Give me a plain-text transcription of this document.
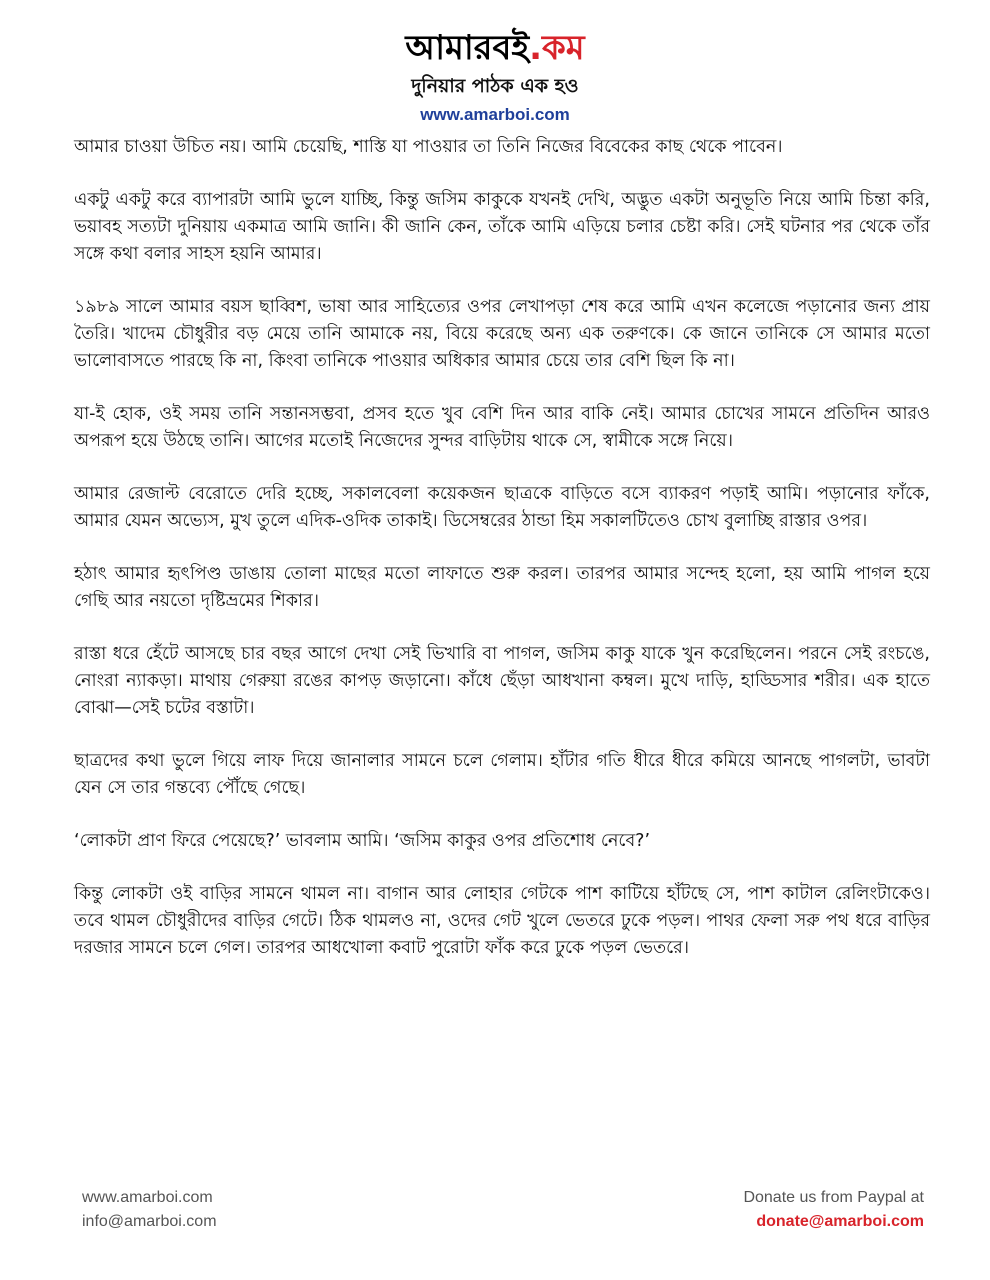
আমারবই.কম
দুনিয়ার পাঠক এক হও
www.amarboi.com

আমার চাওয়া উচিত নয়। আমি চেয়েছি, শাস্তি যা পাওয়ার তা তিনি নিজের বিবেকের কাছ থেকে পাবেন।

একটু একটু করে ব্যাপারটা আমি ভুলে যাচ্ছি, কিন্তু জসিম কাকুকে যখনই দেখি, অদ্ভুত একটা অনুভূতি নিয়ে আমি চিন্তা করি, ভয়াবহ সত্যটা দুনিয়ায় একমাত্র আমি জানি। কী জানি কেন, তাঁকে আমি এড়িয়ে চলার চেষ্টা করি। সেই ঘটনার পর থেকে তাঁর সঙ্গে কথা বলার সাহস হয়নি আমার।

১৯৮৯ সালে আমার বয়স ছাব্বিশ, ভাষা আর সাহিত্যের ওপর লেখাপড়া শেষ করে আমি এখন কলেজে পড়ানোর জন্য প্রায় তৈরি। খাদেম চৌধুরীর বড় মেয়ে তানি আমাকে নয়, বিয়ে করেছে অন্য এক তরুণকে। কে জানে তানিকে সে আমার মতো ভালোবাসতে পারছে কি না, কিংবা তানিকে পাওয়ার অধিকার আমার চেয়ে তার বেশি ছিল কি না।

যা-ই হোক, ওই সময় তানি সন্তানসম্ভবা, প্রসব হতে খুব বেশি দিন আর বাকি নেই। আমার চোখের সামনে প্রতিদিন আরও অপরূপ হয়ে উঠছে তানি। আগের মতোই নিজেদের সুন্দর বাড়িটায় থাকে সে, স্বামীকে সঙ্গে নিয়ে।

আমার রেজাল্ট বেরোতে দেরি হচ্ছে, সকালবেলা কয়েকজন ছাত্রকে বাড়িতে বসে ব্যাকরণ পড়াই আমি। পড়ানোর ফাঁকে, আমার যেমন অভ্যেস, মুখ তুলে এদিক-ওদিক তাকাই। ডিসেম্বরের ঠান্ডা হিম সকালটিতেও চোখ বুলাচ্ছি রাস্তার ওপর।

হঠাৎ আমার হৃৎপিণ্ড ডাঙায় তোলা মাছের মতো লাফাতে শুরু করল। তারপর আমার সন্দেহ হলো, হয় আমি পাগল হয়ে গেছি আর নয়তো দৃষ্টিভ্রমের শিকার।

রাস্তা ধরে হেঁটে আসছে চার বছর আগে দেখা সেই ভিখারি বা পাগল, জসিম কাকু যাকে খুন করেছিলেন। পরনে সেই রংচঙে, নোংরা ন্যাকড়া। মাথায় গেরুয়া রঙের কাপড় জড়ানো। কাঁধে ছেঁড়া আধখানা কম্বল। মুখে দাড়ি, হাড্ডিসার শরীর। এক হাতে বোঝা—সেই চটের বস্তাটা।

ছাত্রদের কথা ভুলে গিয়ে লাফ দিয়ে জানালার সামনে চলে গেলাম। হাঁটার গতি ধীরে ধীরে কমিয়ে আনছে পাগলটা, ভাবটা যেন সে তার গন্তব্যে পৌঁছে গেছে।

‘লোকটা প্রাণ ফিরে পেয়েছে?’ ভাবলাম আমি। ‘জসিম কাকুর ওপর প্রতিশোধ নেবে?’

কিন্তু লোকটা ওই বাড়ির সামনে থামল না। বাগান আর লোহার গেটকে পাশ কাটিয়ে হাঁটছে সে, পাশ কাটাল রেলিংটাকেও। তবে থামল চৌধুরীদের বাড়ির গেটে। ঠিক থামলও না, ওদের গেট খুলে ভেতরে ঢুকে পড়ল। পাথর ফেলা সরু পথ ধরে বাড়ির দরজার সামনে চলে গেল। তারপর আধখোলা কবাট পুরোটা ফাঁক করে ঢুকে পড়ল ভেতরে।

www.amarboi.com
info@amarboi.com
Donate us from Paypal at
donate@amarboi.com
